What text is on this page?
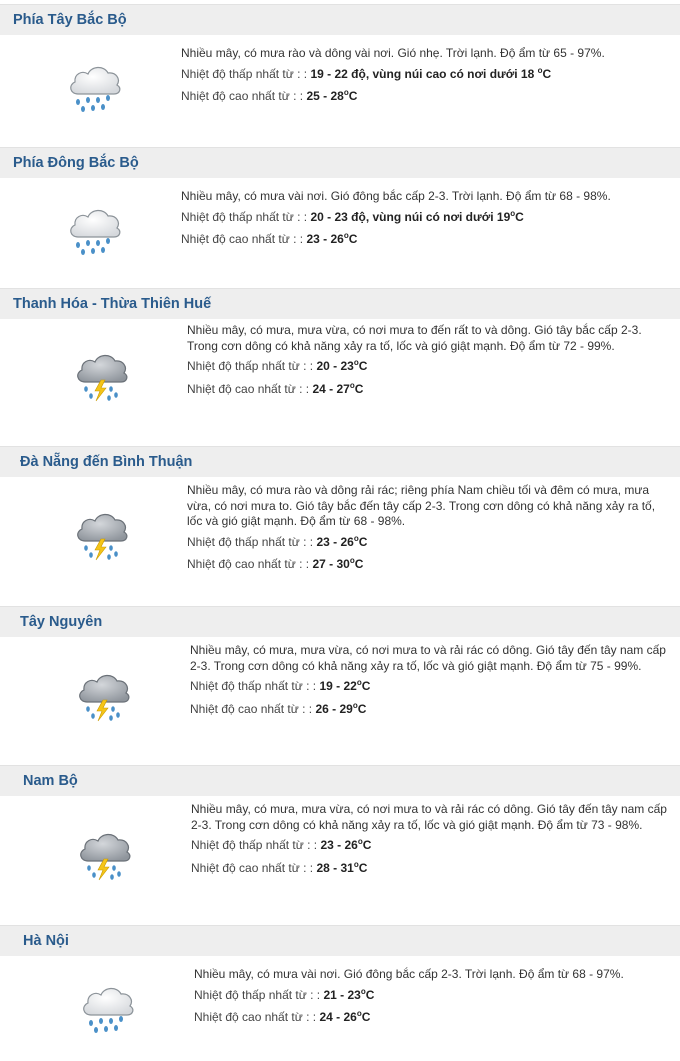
Phía Tây Bắc Bộ
Nhiều mây, có mưa rào và dông vài nơi. Gió nhẹ. Trời lạnh. Độ ẩm từ 65 - 97%.
Nhiệt độ thấp nhất từ : : 19 - 22 độ, vùng núi cao có nơi dưới 18 $^o$C
Nhiệt độ cao nhất từ : : 25 - 28$^o$C
Phía Đông Bắc Bộ
Nhiều mây, có mưa vài nơi. Gió đông bắc cấp 2-3. Trời lạnh. Độ ẩm từ 68 - 98%.
Nhiệt độ thấp nhất từ : : 20 - 23 độ, vùng núi có nơi dưới 19$^o$C
Nhiệt độ cao nhất từ : : 23 - 26$^o$C
Thanh Hóa - Thừa Thiên Huế
Nhiều mây, có mưa, mưa vừa, có nơi mưa to đến rất to và dông. Gió tây bắc cấp 2-3. Trong cơn dông có khả năng xảy ra tố, lốc và gió giật mạnh. Độ ẩm từ 72 - 99%.
Nhiệt độ thấp nhất từ : : 20 - 23$^o$C
Nhiệt độ cao nhất từ : : 24 - 27$^o$C
Đà Nẵng đến Bình Thuận
Nhiều mây, có mưa rào và dông rải rác; riêng phía Nam chiều tối và đêm có mưa, mưa vừa, có nơi mưa to. Gió tây bắc đến tây cấp 2-3. Trong cơn dông có khả năng xảy ra tố, lốc và gió giật mạnh. Độ ẩm từ 68 - 98%.
Nhiệt độ thấp nhất từ : : 23 - 26$^o$C
Nhiệt độ cao nhất từ : : 27 - 30$^o$C
Tây Nguyên
Nhiều mây, có mưa, mưa vừa, có nơi mưa to và rải rác có dông. Gió tây đến tây nam cấp 2-3. Trong cơn dông có khả năng xảy ra tố, lốc và gió giật mạnh. Độ ẩm từ 75 - 99%.
Nhiệt độ thấp nhất từ : : 19 - 22$^o$C
Nhiệt độ cao nhất từ : : 26 - 29$^o$C
Nam Bộ
Nhiều mây, có mưa, mưa vừa, có nơi mưa to và rải rác có dông. Gió tây đến tây nam cấp 2-3. Trong cơn dông có khả năng xảy ra tố, lốc và gió giật mạnh. Độ ẩm từ 73 - 98%.
Nhiệt độ thấp nhất từ : : 23 - 26$^o$C
Nhiệt độ cao nhất từ : : 28 - 31$^o$C
Hà Nội
Nhiều mây, có mưa vài nơi. Gió đông bắc cấp 2-3. Trời lạnh. Độ ẩm từ 68 - 97%.
Nhiệt độ thấp nhất từ : : 21 - 23$^o$C
Nhiệt độ cao nhất từ : : 24 - 26$^o$C
